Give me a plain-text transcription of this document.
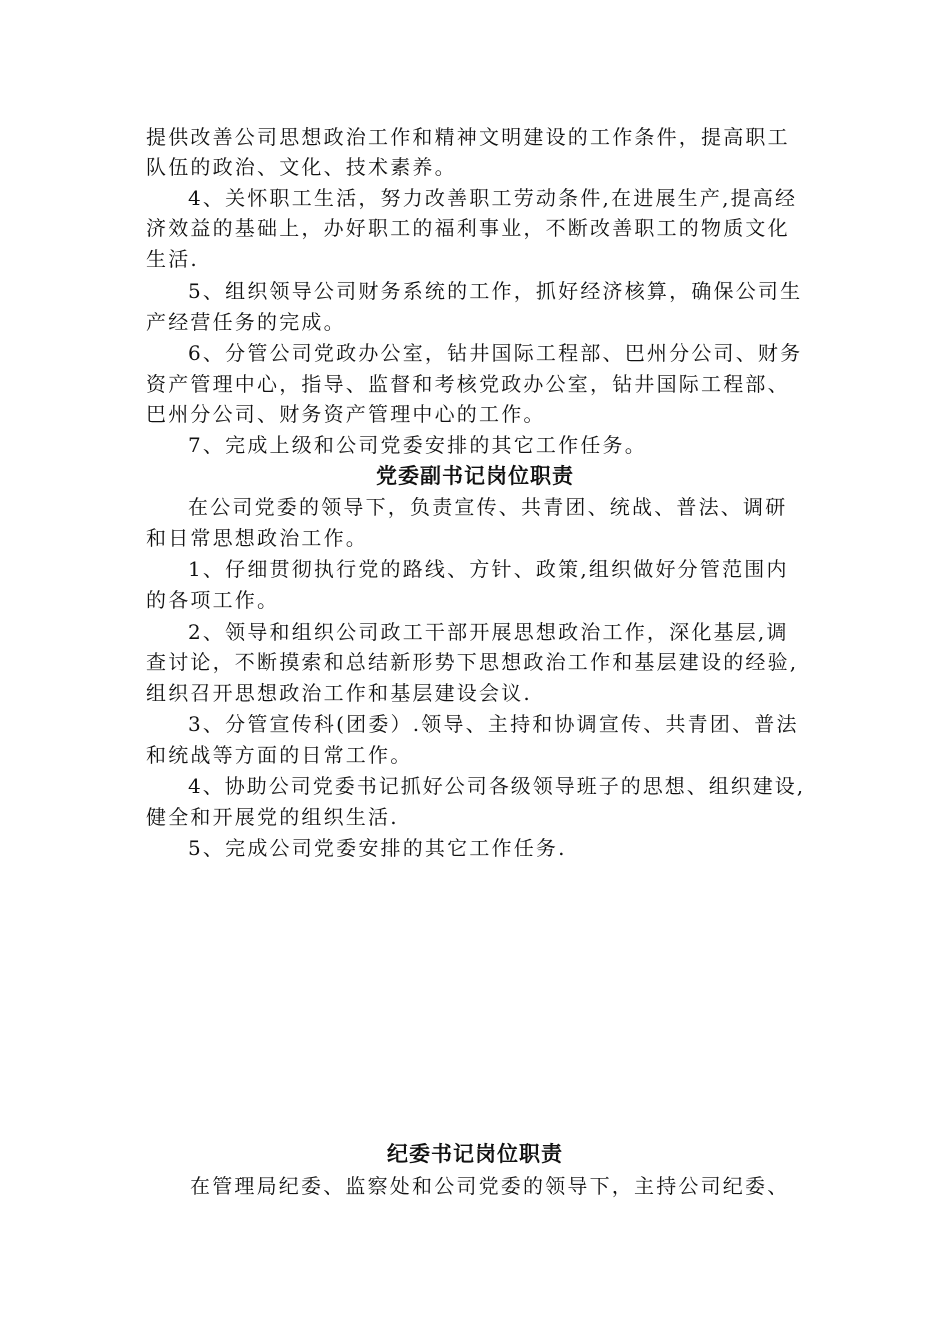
提供改善公司思想政治工作和精神文明建设的工作条件，提高职工
队伍的政治、文化、技术素养。
4、关怀职工生活，努力改善职工劳动条件,在进展生产,提高经
济效益的基础上，办好职工的福利事业，不断改善职工的物质文化
生活.
5、组织领导公司财务系统的工作，抓好经济核算，确保公司生
产经营任务的完成。
6、分管公司党政办公室，钻井国际工程部、巴州分公司、财务
资产管理中心，指导、监督和考核党政办公室，钻井国际工程部、
巴州分公司、财务资产管理中心的工作。
7、完成上级和公司党委安排的其它工作任务。
党委副书记岗位职责
在公司党委的领导下，负责宣传、共青团、统战、普法、调研
和日常思想政治工作。
1、仔细贯彻执行党的路线、方针、政策,组织做好分管范围内
的各项工作。
2、领导和组织公司政工干部开展思想政治工作，深化基层,调
查讨论，不断摸索和总结新形势下思想政治工作和基层建设的经验,
组织召开思想政治工作和基层建设会议.
3、分管宣传科(团委）.领导、主持和协调宣传、共青团、普法
和统战等方面的日常工作。
4、协助公司党委书记抓好公司各级领导班子的思想、组织建设,
健全和开展党的组织生活.
5、完成公司党委安排的其它工作任务.
纪委书记岗位职责
在管理局纪委、监察处和公司党委的领导下，主持公司纪委、
